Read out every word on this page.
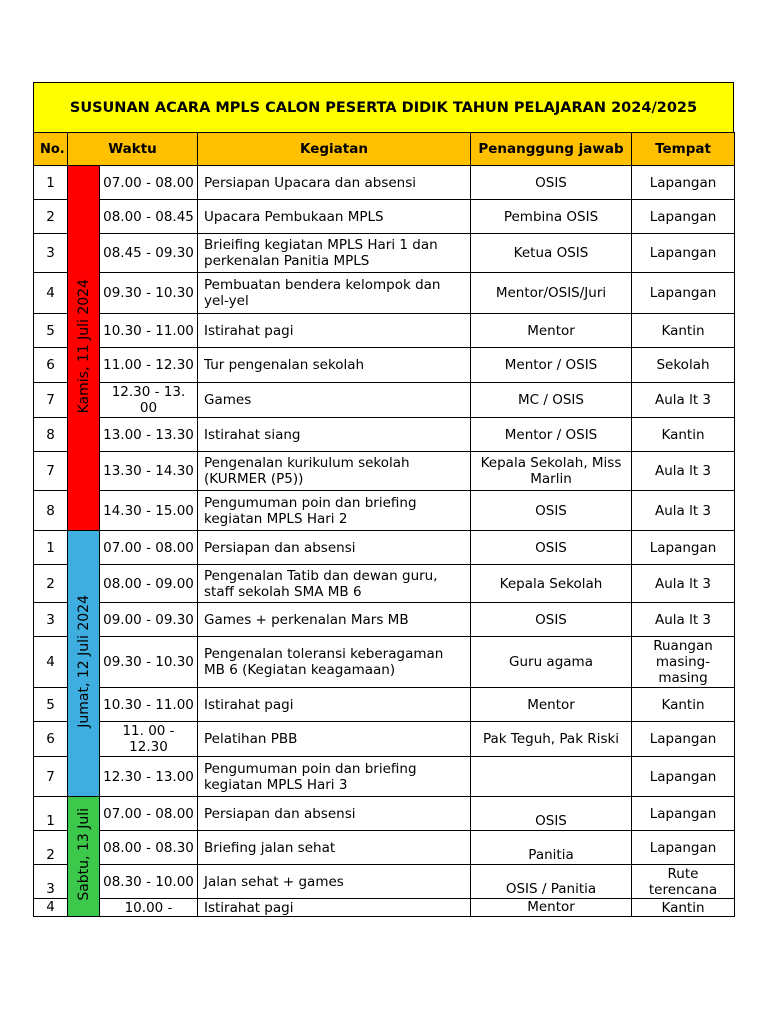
SUSUNAN ACARA MPLS CALON PESERTA DIDIK TAHUN PELAJARAN 2024/2025
No.	Waktu		Kegiatan	Penanggung jawab	Tempat
1	Kamis, 11 Juli 2024	07.00 - 08.00	Persiapan Upacara dan absensi	OSIS	Lapangan
2		08.00 - 08.45	Upacara Pembukaan MPLS	Pembina OSIS	Lapangan
3		08.45 - 09.30	Brieifing kegiatan MPLS Hari 1 dan perkenalan Panitia MPLS	Ketua OSIS	Lapangan
4		09.30 - 10.30	Pembuatan bendera kelompok dan yel-yel	Mentor/OSIS/Juri	Lapangan
5		10.30 - 11.00	Istirahat pagi	Mentor	Kantin
6		11.00 - 12.30	Tur pengenalan sekolah	Mentor / OSIS	Sekolah
7		12.30 - 13. 00	Games	MC / OSIS	Aula lt 3
8		13.00 - 13.30	Istirahat siang	Mentor / OSIS	Kantin
7		13.30 - 14.30	Pengenalan kurikulum sekolah (KURMER (P5))	Kepala Sekolah, Miss Marlin	Aula lt 3
8		14.30 - 15.00	Pengumuman poin dan briefing kegiatan MPLS Hari 2	OSIS	Aula lt 3
1	Jumat, 12 Juli 2024	07.00 - 08.00	Persiapan dan absensi	OSIS	Lapangan
2		08.00 - 09.00	Pengenalan Tatib dan dewan guru, staff sekolah SMA MB 6	Kepala Sekolah	Aula lt 3
3		09.00 - 09.30	Games + perkenalan Mars MB	OSIS	Aula lt 3
4		09.30 - 10.30	Pengenalan toleransi keberagaman MB 6 (Kegiatan keagamaan)	Guru agama	Ruangan masing-masing
5		10.30 - 11.00	Istirahat pagi	Mentor	Kantin
6		11. 00 - 12.30	Pelatihan PBB	Pak Teguh, Pak Riski	Lapangan
7		12.30 - 13.00	Pengumuman poin dan briefing kegiatan MPLS Hari 3		Lapangan
1	Sabtu, 13 Juli	07.00 - 08.00	Persiapan dan absensi	OSIS	Lapangan
2		08.00 - 08.30	Briefing jalan sehat	Panitia	Lapangan
3		08.30 - 10.00	Jalan sehat + games	OSIS / Panitia	Rute terencana
4		10.00 -	Istirahat pagi	Mentor	Kantin
